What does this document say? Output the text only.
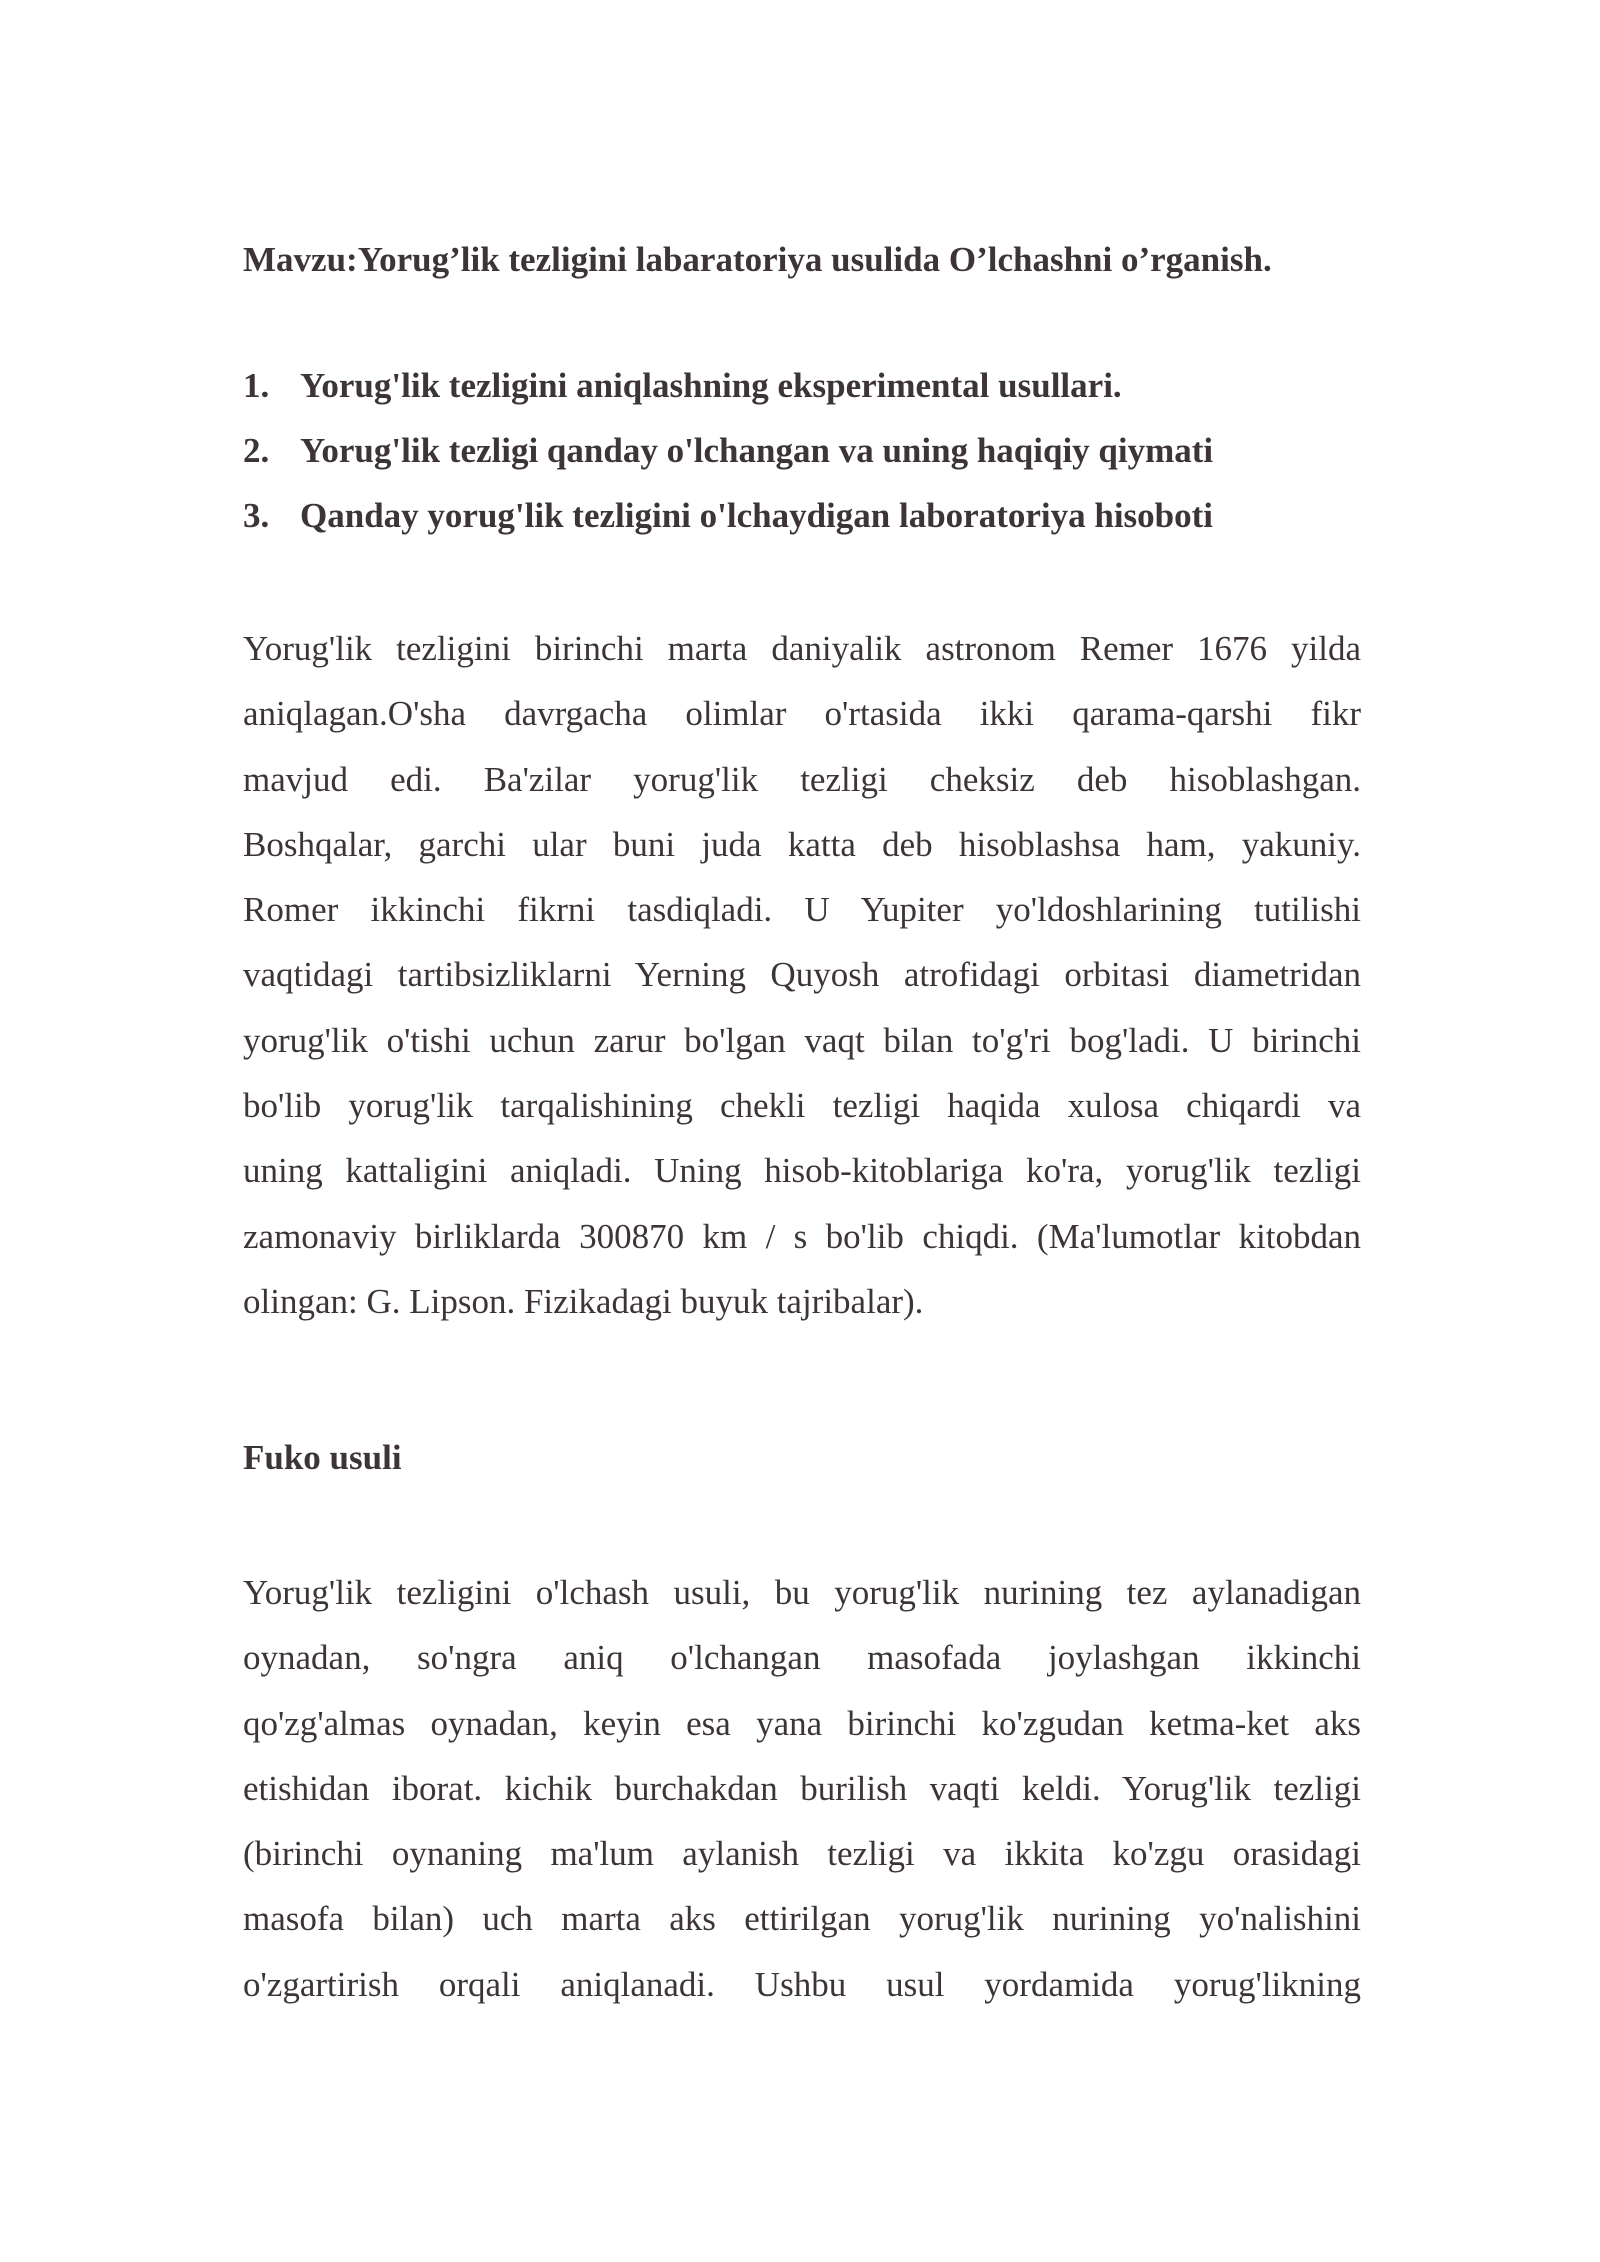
Mavzu:Yorug’lik tezligini labaratoriya usulida O’lchashni o’rganish.
1. Yorug'lik tezligini aniqlashning eksperimental usullari.
2. Yorug'lik tezligi qanday o'lchangan va uning haqiqiy qiymati
3. Qanday yorug'lik tezligini o'lchaydigan laboratoriya hisoboti

Yorug'lik tezligini birinchi marta daniyalik astronom Remer 1676 yilda
aniqlagan.O'sha davrgacha olimlar o'rtasida ikki qarama-qarshi fikr
mavjud edi. Ba'zilar yorug'lik tezligi cheksiz deb hisoblashgan.
Boshqalar, garchi ular buni juda katta deb hisoblashsa ham, yakuniy.
Romer ikkinchi fikrni tasdiqladi. U Yupiter yo'ldoshlarining tutilishi
vaqtidagi tartibsizliklarni Yerning Quyosh atrofidagi orbitasi diametridan
yorug'lik o'tishi uchun zarur bo'lgan vaqt bilan to'g'ri bog'ladi. U birinchi
bo'lib yorug'lik tarqalishining chekli tezligi haqida xulosa chiqardi va
uning kattaligini aniqladi. Uning hisob-kitoblariga ko'ra, yorug'lik tezligi
zamonaviy birliklarda 300870 km / s bo'lib chiqdi. (Ma'lumotlar kitobdan
olingan: G. Lipson. Fizikadagi buyuk tajribalar).

Fuko usuli

Yorug'lik tezligini o'lchash usuli, bu yorug'lik nurining tez aylanadigan
oynadan, so'ngra aniq o'lchangan masofada joylashgan ikkinchi
qo'zg'almas oynadan, keyin esa yana birinchi ko'zgudan ketma-ket aks
etishidan iborat. kichik burchakdan burilish vaqti keldi. Yorug'lik tezligi
(birinchi oynaning ma'lum aylanish tezligi va ikkita ko'zgu orasidagi
masofa bilan) uch marta aks ettirilgan yorug'lik nurining yo'nalishini
o'zgartirish orqali aniqlanadi. Ushbu usul yordamida yorug'likning
